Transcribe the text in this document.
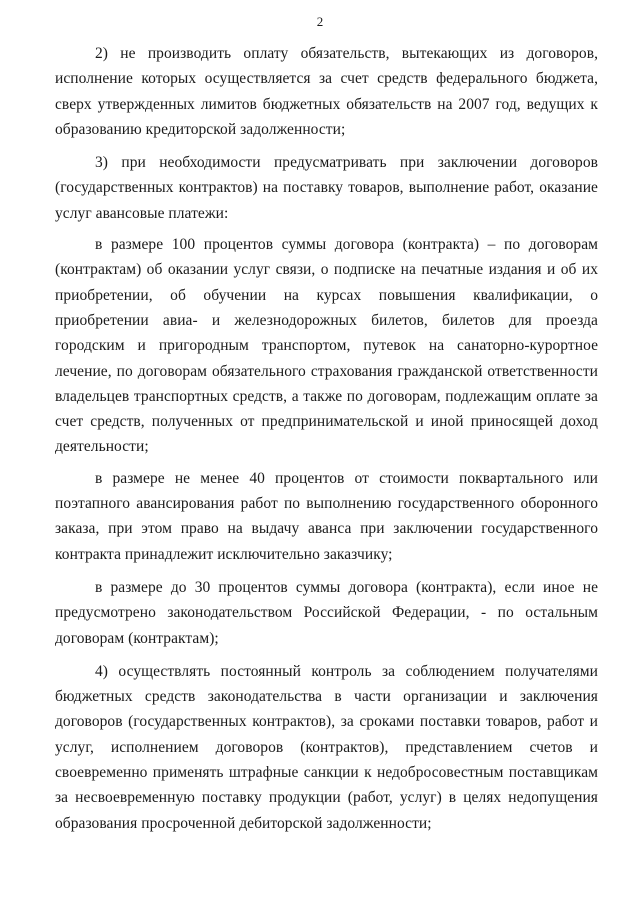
2

2) не производить оплату обязательств, вытекающих из договоров, исполнение которых осуществляется за счет средств федерального бюджета, сверх утвержденных лимитов бюджетных обязательств на 2007 год, ведущих к образованию кредиторской задолженности;

3) при необходимости предусматривать при заключении договоров (государственных контрактов) на поставку товаров, выполнение работ, оказание услуг авансовые платежи:

в размере 100 процентов суммы договора (контракта) – по договорам (контрактам) об оказании услуг связи, о подписке на печатные издания и об их приобретении, об обучении на курсах повышения квалификации, о приобретении авиа- и железнодорожных билетов, билетов для проезда городским и пригородным транспортом, путевок на санаторно-курортное лечение, по договорам обязательного страхования гражданской ответственности владельцев транспортных средств, а также по договорам, подлежащим оплате за счет средств, полученных от предпринимательской и иной приносящей доход деятельности;

в размере не менее 40 процентов от стоимости поквартального или поэтапного авансирования работ по выполнению государственного оборонного заказа, при этом право на выдачу аванса при заключении государственного контракта принадлежит исключительно заказчику;

в размере до 30 процентов суммы договора (контракта), если иное не предусмотрено законодательством Российской Федерации, - по остальным договорам (контрактам);

4) осуществлять постоянный контроль за соблюдением получателями бюджетных средств законодательства в части организации и заключения договоров (государственных контрактов), за сроками поставки товаров, работ и услуг, исполнением договоров (контрактов), представлением счетов и своевременно применять штрафные санкции к недобросовестным поставщикам за несвоевременную поставку продукции (работ, услуг) в целях недопущения образования просроченной дебиторской задолженности;
